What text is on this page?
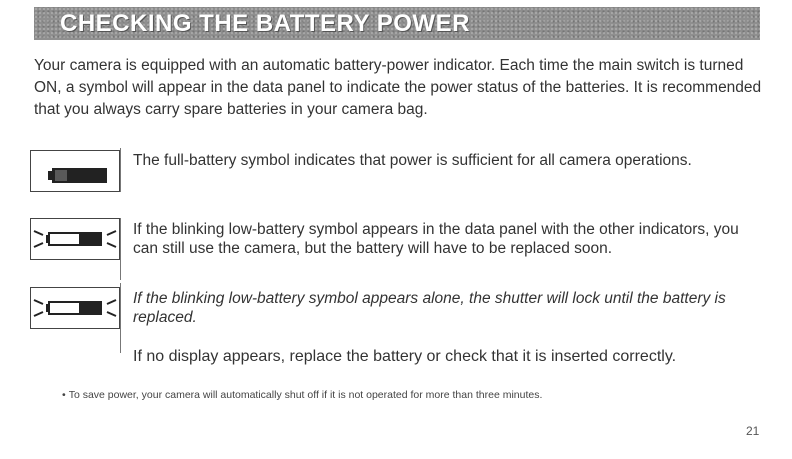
CHECKING THE BATTERY POWER

Your camera is equipped with an automatic battery-power indicator. Each time the main switch is turned ON, a symbol will appear in the data panel to indicate the power status of the batteries. It is recommended that you always carry spare batteries in your camera bag.

The full-battery symbol indicates that power is sufficient for all camera operations.

If the blinking low-battery symbol appears in the data panel with the other indicators, you can still use the camera, but the battery will have to be replaced soon.

If the blinking low-battery symbol appears alone, the shutter will lock until the battery is replaced.

If no display appears, replace the battery or check that it is inserted correctly.

• To save power, your camera will automatically shut off if it is not operated for more than three minutes.

21
